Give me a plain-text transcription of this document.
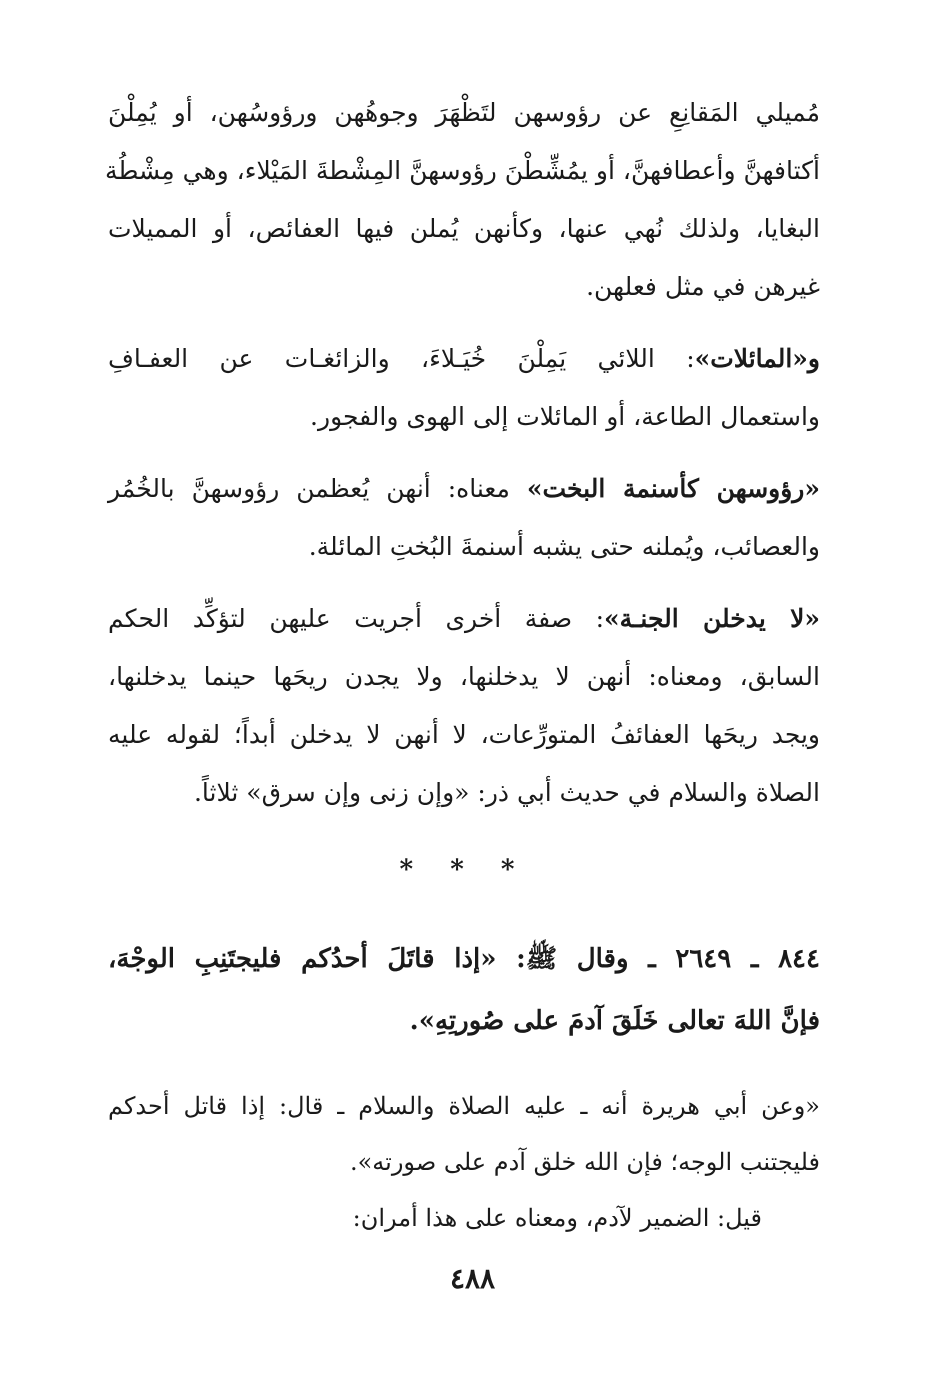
مُميلي المَقانِعِ عن رؤوسهن لتَظْهَرَ وجوهُهن ورؤوسُهن، أو يُمِلْنَ
أكتافهنَّ وأعطافهنَّ، أو يمُشِّطْنَ رؤوسهنَّ المِشْطةَ المَيْلاء، وهي مِشْطُة
البغايا، ولذلك نُهي عنها، وكأنهن يُملن فيها العفائص، أو المميلات
غيرهن في مثل فعلهن.
و«المائلات»: اللائي يَمِلْنَ خُيَـلاءَ، والزائغـات عن العفـافِ
واستعمال الطاعة، أو المائلات إلى الهوى والفجور.
«رؤوسهن كأسنمة البخت» معناه: أنهن يُعظمن رؤوسهنَّ بالخُمُر
والعصائب، ويُملنه حتى يشبه أسنمةَ البُختِ المائلة.
«لا يدخلن الجنـة»: صفة أخرى أجريت عليهن لتؤكِّد الحكم
السابق، ومعناه: أنهن لا يدخلنها، ولا يجدن ريحَها حينما يدخلنها،
ويجد ريحَها العفائفُ المتورِّعات، لا أنهن لا يدخلن أبداً؛ لقوله عليه
الصلاة والسلام في حديث أبي ذر: «وإن زنى وإن سرق» ثلاثاً.
* * *
٨٤٤ ـ ٢٦٤٩ ـ وقال ﷺ: «إذا قاتَلَ أحدُكم فليجتَنِبِ الوجْهَ،
فإنَّ اللهَ تعالى خَلَقَ آدمَ على صُورتِهِ».
«وعن أبي هريرة أنه ـ عليه الصلاة والسلام ـ قال: إذا قاتل أحدكم
فليجتنب الوجه؛ فإن الله خلق آدم على صورته».
قيل: الضمير لآدم، ومعناه على هذا أمران:
٤٨٨
